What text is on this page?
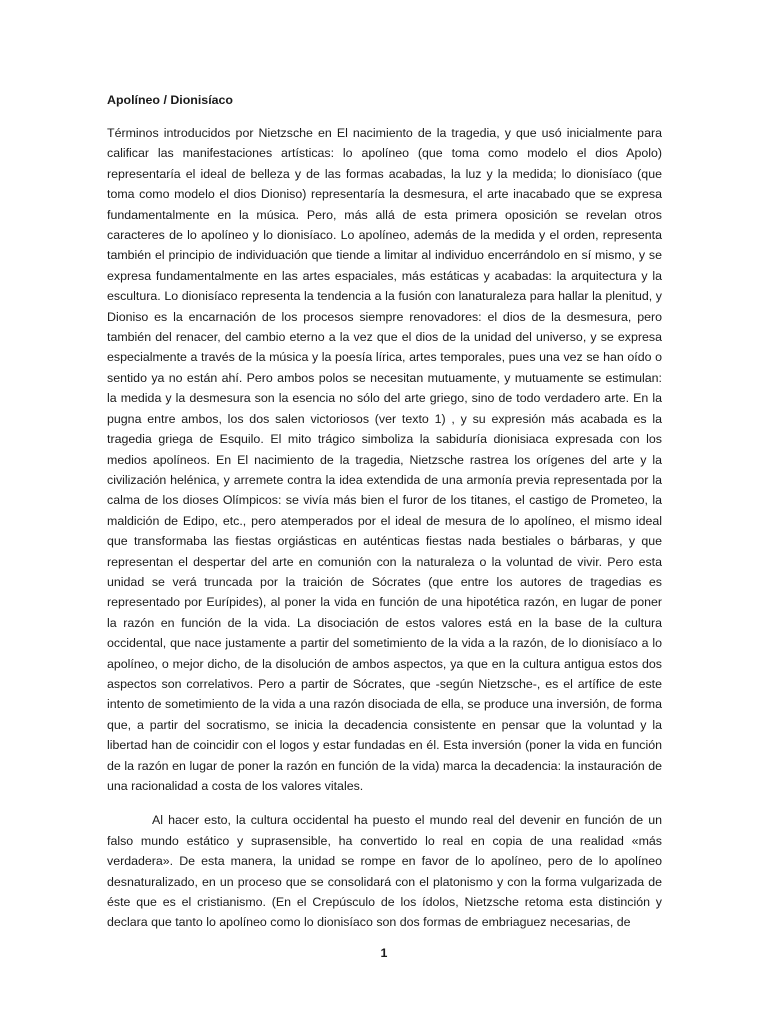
Apolíneo / Dionisíaco

Términos introducidos por Nietzsche en El nacimiento de la tragedia, y que usó inicialmente para calificar las manifestaciones artísticas: lo apolíneo (que toma como modelo el dios Apolo) representaría el ideal de belleza y de las formas acabadas, la luz y la medida; lo dionisíaco (que toma como modelo el dios Dioniso) representaría la desmesura, el arte inacabado que se expresa fundamentalmente en la música. Pero, más allá de esta primera oposición se revelan otros caracteres de lo apolíneo y lo dionisíaco. Lo apolíneo, además de la medida y el orden, representa también el principio de individuación que tiende a limitar al individuo encerrándolo en sí mismo, y se expresa fundamentalmente en las artes espaciales, más estáticas y acabadas: la arquitectura y la escultura. Lo dionisíaco representa la tendencia a la fusión con lanaturaleza para hallar la plenitud, y Dioniso es la encarnación de los procesos siempre renovadores: el dios de la desmesura, pero también del renacer, del cambio eterno a la vez que el dios de la unidad del universo, y se expresa especialmente a través de la música y la poesía lírica, artes temporales, pues una vez se han oído o sentido ya no están ahí. Pero ambos polos se necesitan mutuamente, y mutuamente se estimulan: la medida y la desmesura son la esencia no sólo del arte griego, sino de todo verdadero arte. En la pugna entre ambos, los dos salen victoriosos (ver texto 1) , y su expresión más acabada es la tragedia griega de Esquilo. El mito trágico simboliza la sabiduría dionisiaca expresada con los medios apolíneos. En El nacimiento de la tragedia, Nietzsche rastrea los orígenes del arte y la civilización helénica, y arremete contra la idea extendida de una armonía previa representada por la calma de los dioses Olímpicos: se vivía más bien el furor de los titanes, el castigo de Prometeo, la maldición de Edipo, etc., pero atemperados por el ideal de mesura de lo apolíneo, el mismo ideal que transformaba las fiestas orgiásticas en auténticas fiestas nada bestiales o bárbaras, y que representan el despertar del arte en comunión con la naturaleza o la voluntad de vivir. Pero esta unidad se verá truncada por la traición de Sócrates (que entre los autores de tragedias es representado por Eurípides), al poner la vida en función de una hipotética razón, en lugar de poner la razón en función de la vida. La disociación de estos valores está en la base de la cultura occidental, que nace justamente a partir del sometimiento de la vida a la razón, de lo dionisíaco a lo apolíneo, o mejor dicho, de la disolución de ambos aspectos, ya que en la cultura antigua estos dos aspectos son correlativos. Pero a partir de Sócrates, que -según Nietzsche-, es el artífice de este intento de sometimiento de la vida a una razón disociada de ella, se produce una inversión, de forma que, a partir del socratismo, se inicia la decadencia consistente en pensar que la voluntad y la libertad han de coincidir con el logos y estar fundadas en él. Esta inversión (poner la vida en función de la razón en lugar de poner la razón en función de la vida) marca la decadencia: la instauración de una racionalidad a costa de los valores vitales.

Al hacer esto, la cultura occidental ha puesto el mundo real del devenir en función de un falso mundo estático y suprasensible, ha convertido lo real en copia de una realidad «más verdadera». De esta manera, la unidad se rompe en favor de lo apolíneo, pero de lo apolíneo desnaturalizado, en un proceso que se consolidará con el platonismo y con la forma vulgarizada de éste que es el cristianismo. (En el Crepúsculo de los ídolos, Nietzsche retoma esta distinción y declara que tanto lo apolíneo como lo dionisíaco son dos formas de embriaguez necesarias, de

1
